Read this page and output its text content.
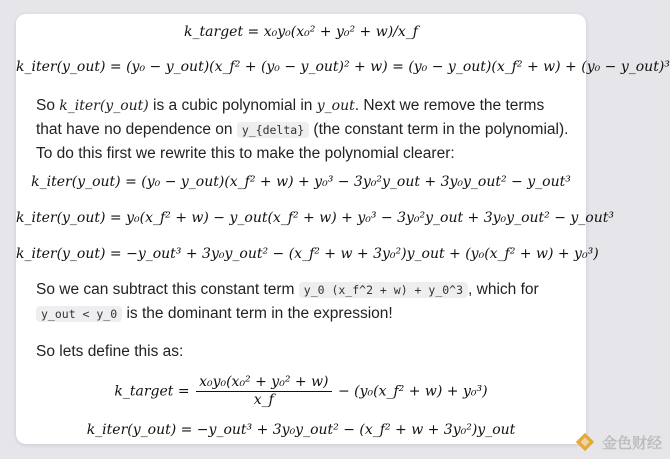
k_target = x₀y₀(x₀² + y₀² + w)/x_f
k_iter(y_out) = (y₀ − y_out)(x_f² + (y₀ − y_out)² + w) = (y₀ − y_out)(x_f² + w) + (y₀ − y_out)³
So k_iter(y_out) is a cubic polynomial in y_out. Next we remove the terms that have no dependence on y_{delta} (the constant term in the polynomial). To do this first we rewrite this to make the polynomial clearer:
k_iter(y_out) = (y₀ − y_out)(x_f² + w) + y₀³ − 3y₀²y_out + 3y₀y_out² − y_out³
k_iter(y_out) = y₀(x_f² + w) − y_out(x_f² + w) + y₀³ − 3y₀²y_out + 3y₀y_out² − y_out³
k_iter(y_out) = −y_out³ + 3y₀y_out² − (x_f² + w + 3y₀²)y_out + (y₀(x_f² + w) + y₀³)
So we can subtract this constant term y_0 (x_f^2 + w) + y_0^3 , which for y_out < y_0 is the dominant term in the expression!
So lets define this as:
k_target = $\frac{\text{x₀y₀(x₀² + y₀² + w)}}{x\_f}$ − (y₀(x_f² + w) + y₀³)
k_iter(y_out) = −y_out³ + 3y₀y_out² − (x_f² + w + 3y₀²)y_out
金色财经
